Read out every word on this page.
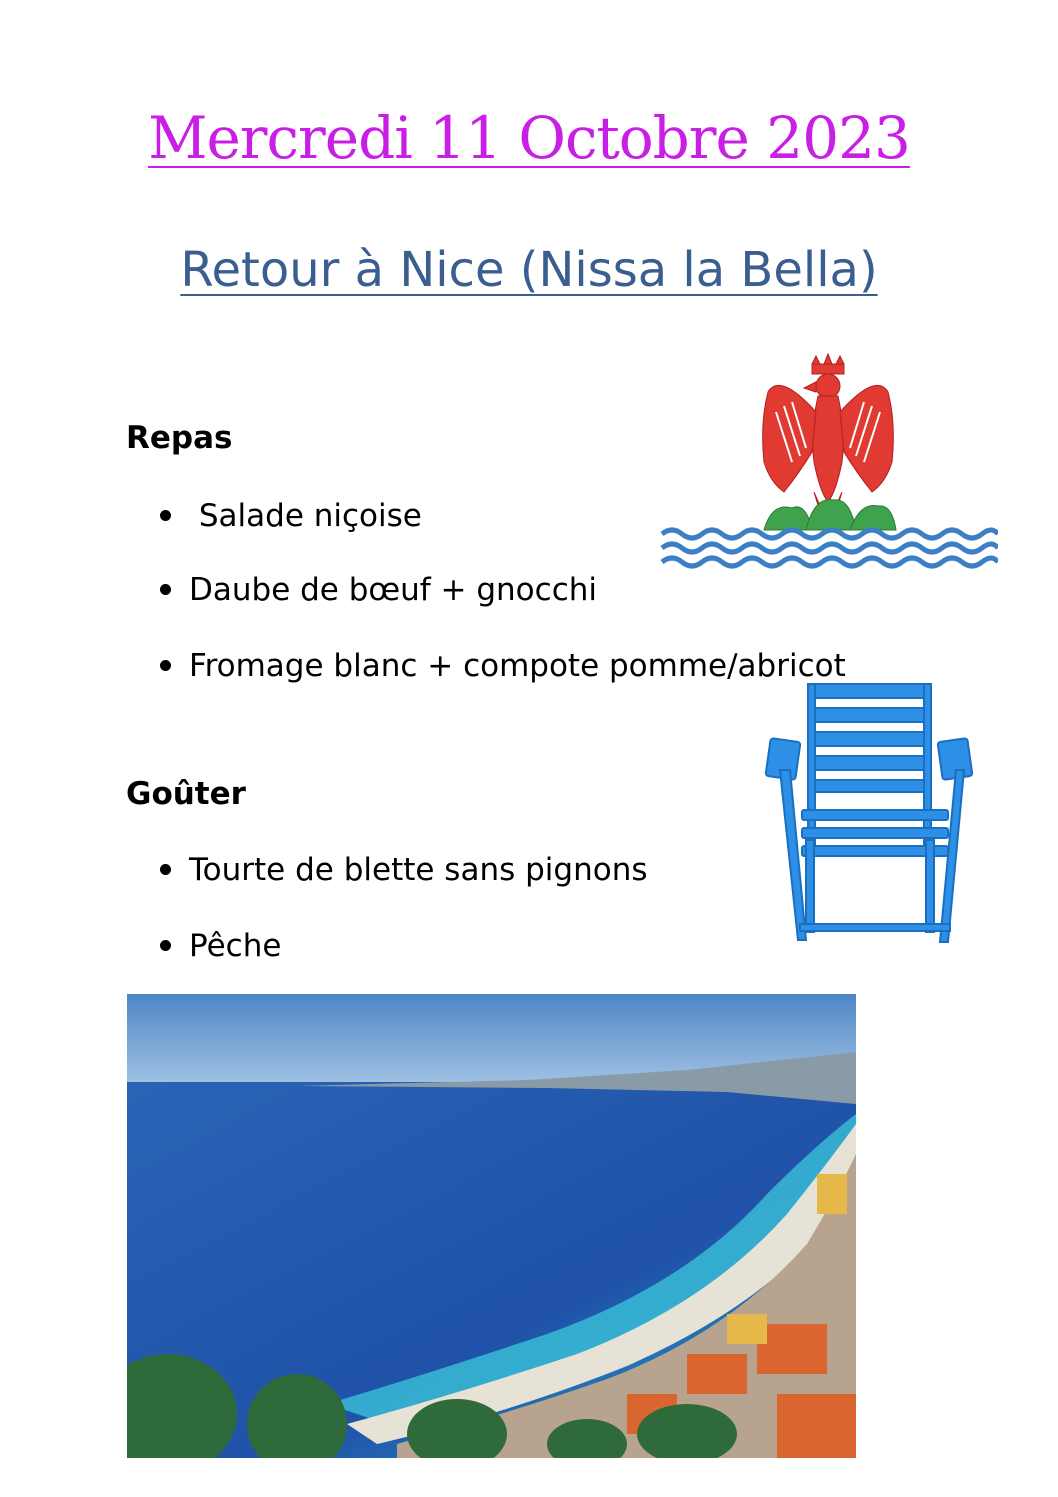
Mercredi 11 Octobre 2023
Retour à Nice (Nissa la Bella)
Repas
Salade niçoise
Daube de bœuf + gnocchi
Fromage blanc + compote pomme/abricot
Goûter
Tourte de blette sans pignons
Pêche
